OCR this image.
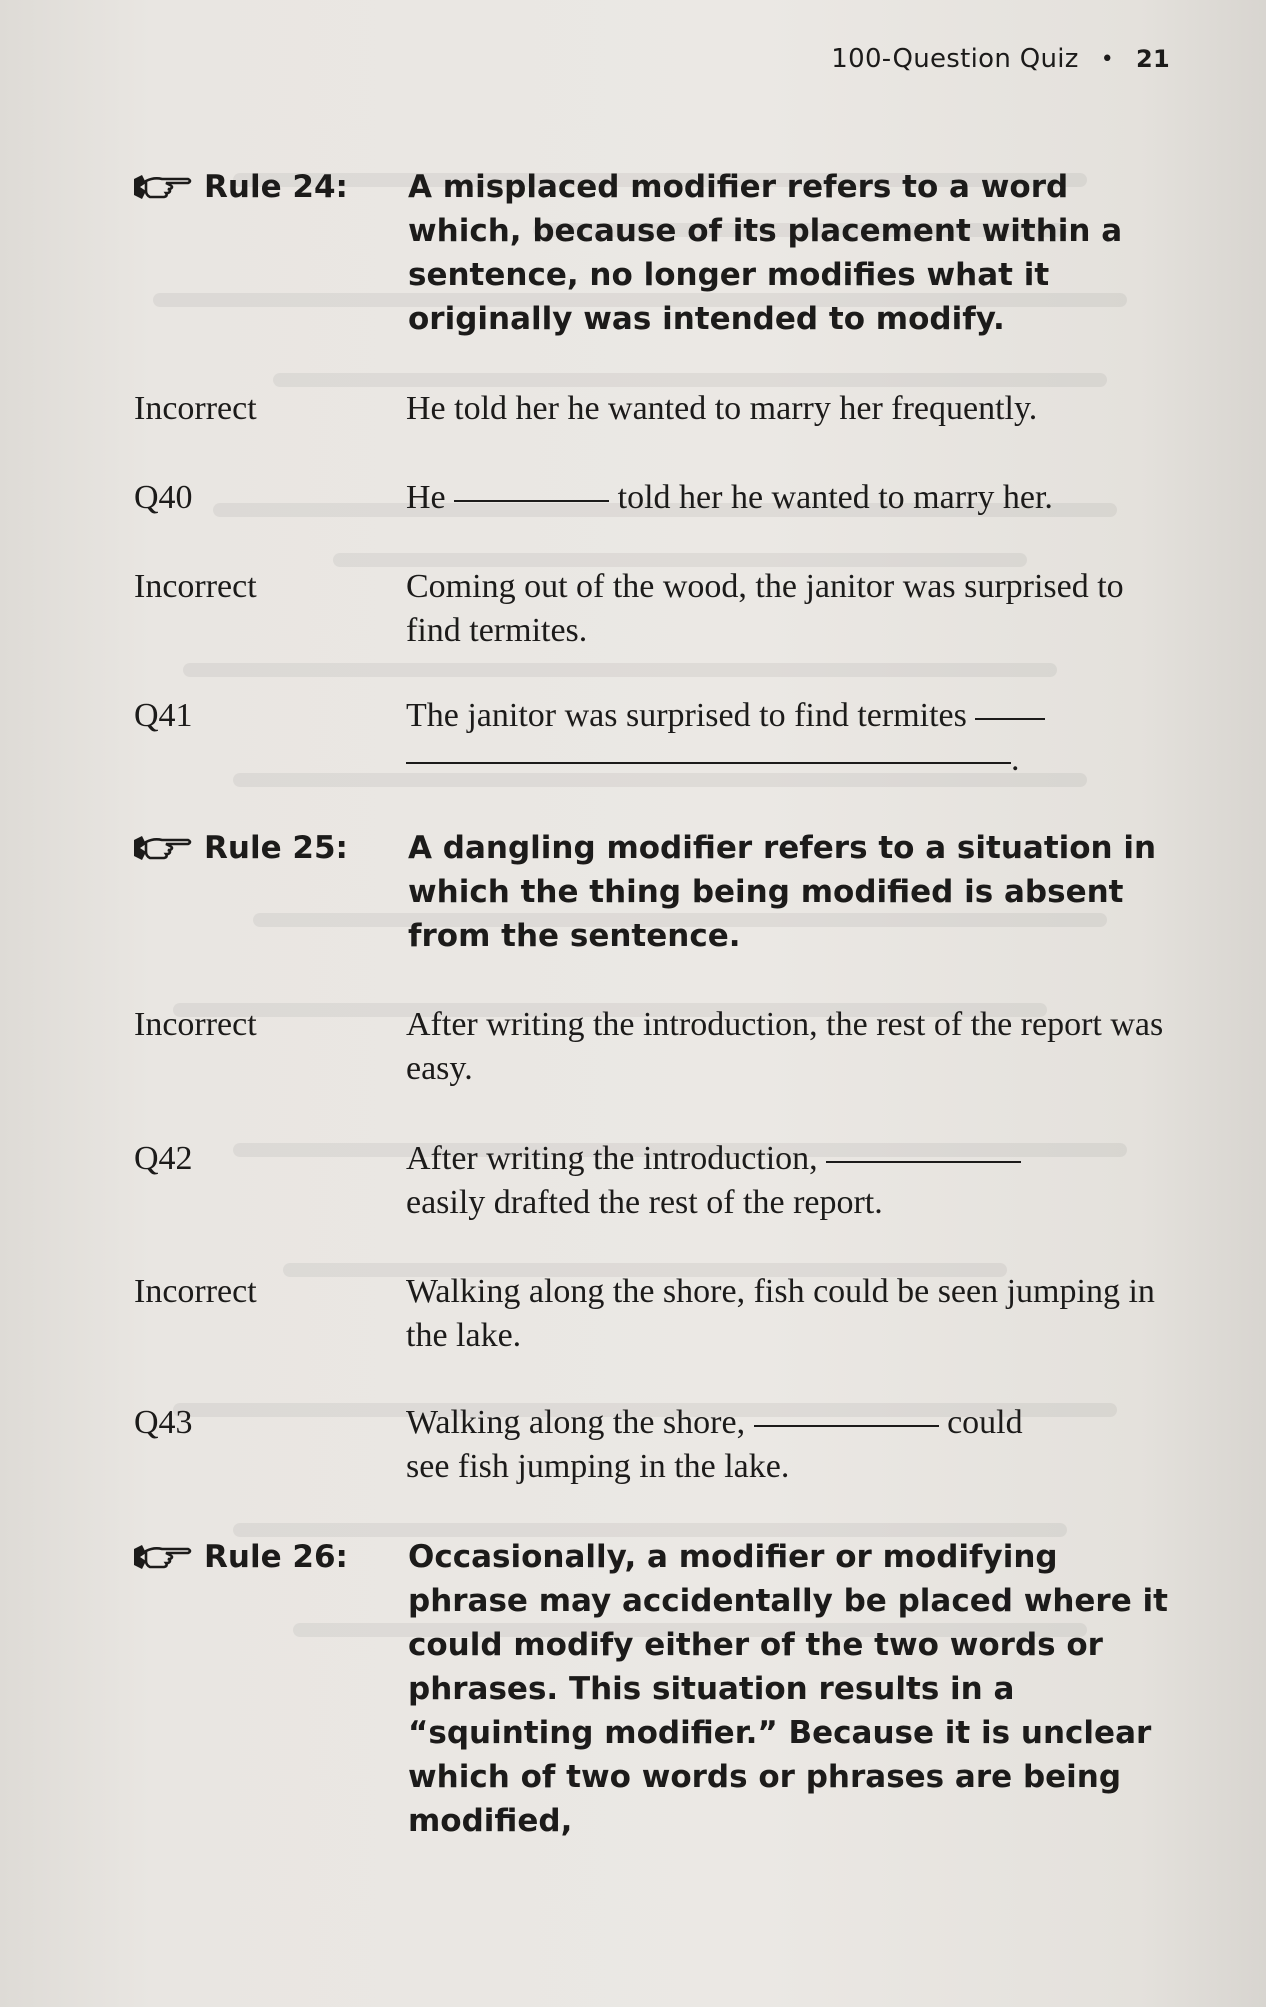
100-Question Quiz • 21
Rule 24: A misplaced modifier refers to a word which, because of its placement within a sentence, no longer modifies what it originally was intended to modify.
Incorrect	He told her he wanted to marry her frequently.
Q40	He	told her he wanted to marry her.
Incorrect	Coming out of the wood, the janitor was surprised to find termites.
Q41	The janitor was surprised to find termites
.
Rule 25: A dangling modifier refers to a situation in which the thing being modified is absent from the sentence.
Incorrect	After writing the introduction, the rest of the report was easy.
Q42	After writing the introduction,
easily drafted the rest of the report.
Incorrect	Walking along the shore, fish could be seen jumping in the lake.
Q43	Walking along the shore,	could
see fish jumping in the lake.
Rule 26: Occasionally, a modifier or modifying phrase may accidentally be placed where it could modify either of the two words or phrases. This situation results in a “squinting modifier.” Because it is unclear which of two words or phrases are being modified,
